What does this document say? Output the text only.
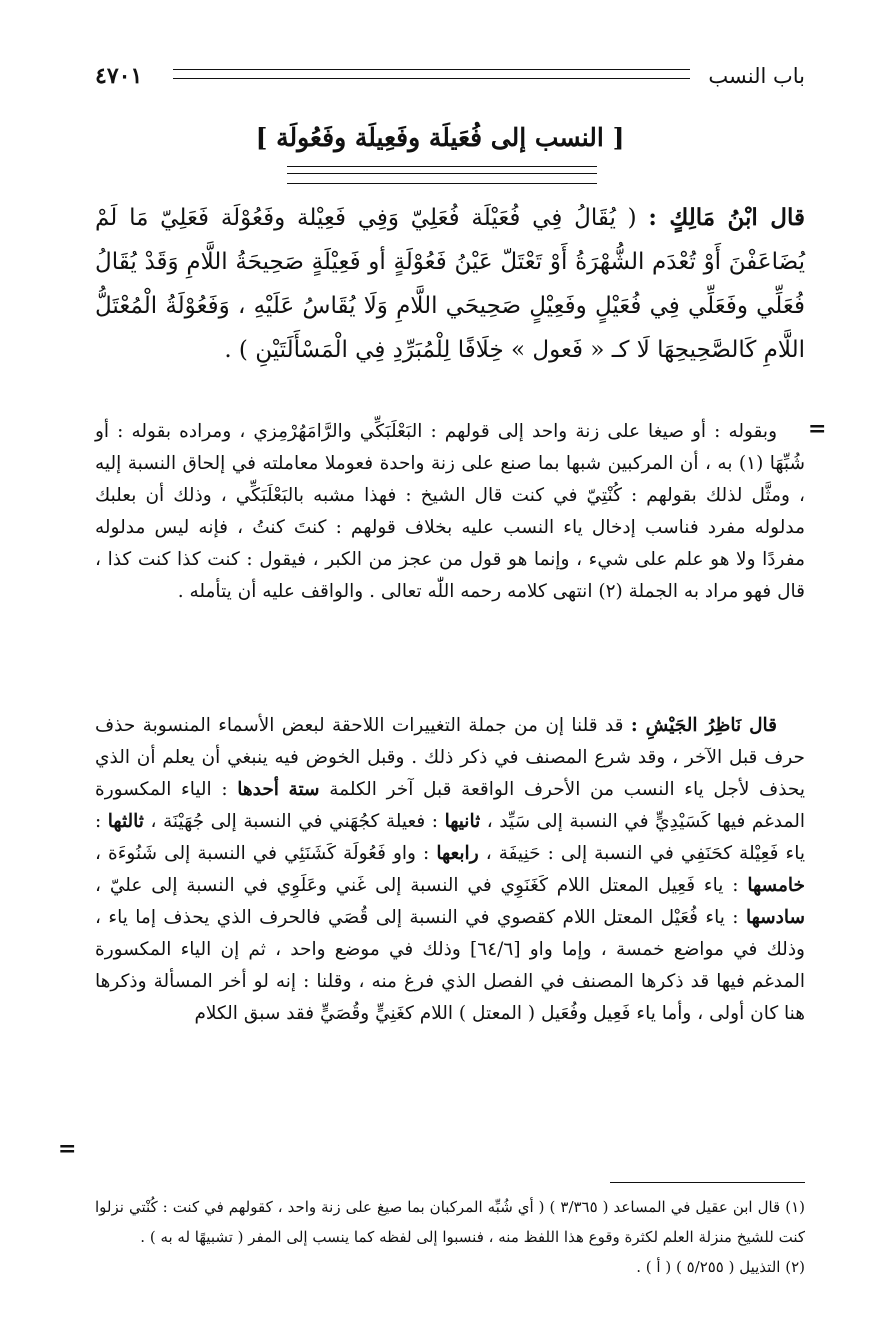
باب النسب
٤٧٠١
[ النسب إلى فُعَيلَة وفَعِيلَة وفَعُولَة ]
قال ابْنُ مَالِكٍ : ( يُقَالُ فِي فُعَيْلَة فُعَلِيّ وَفِي فَعِيْلة وفَعُوْلَة فَعَلِيّ مَا لَمْ يُضَاعَفْنَ أَوْ تُعْدَم الشُّهْرَةُ أَوْ تَعْتَلّ عَيْنُ فَعُوْلَةٍ أو فَعِيْلَةٍ صَحِيحَةُ اللَّامِ وَقَدْ يُقَالُ فُعَلِّي وفَعَلِّي فِي فُعَيْلٍ وفَعِيْلٍ صَحِيحَي اللَّامِ وَلَا يُقَاسُ عَلَيْهِ ، وَفَعُوْلَةُ الْمُعْتَلُّ اللَّامِ كَالصَّحِيحِهَا لَا كـ « فَعول » خِلَافًا لِلْمُبَرِّدِ فِي الْمَسْأَلَتَيْنِ ) .
=

وبقوله : أو صيغا على زنة واحد إلى قولهم : البَعْلَبَكِّي والرَّامَهُرْمِزي ، ومراده بقوله : أو شُبِّهَا (١) به ، أن المركبين شبها بما صنع على زنة واحدة فعوملا معاملته في إلحاق النسبة إليه ، ومثَّل لذلك بقولهم : كُنْتِيّ في كنت قال الشيخ : فهذا مشبه بالبَعْلَبَكِّي ، وذلك أن بعلبك مدلوله مفرد فناسب إدخال ياء النسب عليه بخلاف قولهم : كنتَ كنتُ ، فإنه ليس مدلوله مفردًا ولا هو علم على شيء ، وإنما هو قول من عجز من الكبر ، فيقول : كنت كذا كنت كذا ، قال فهو مراد به الجملة (٢) انتهى كلامه رحمه اللّٰه تعالى . والواقف عليه أن يتأمله .

قال نَاظِرُ الجَيْشِ : قد قلنا إن من جملة التغييرات اللاحقة لبعض الأسماء المنسوبة حذف حرف قبل الآخر ، وقد شرع المصنف في ذكر ذلك . وقبل الخوض فيه ينبغي أن يعلم أن الذي يحذف لأجل ياء النسب من الأحرف الواقعة قبل آخر الكلمة ستة أحدها : الياء المكسورة المدغم فيها كَسَيْدِيٍّ في النسبة إلى سَيِّد ، ثانيها : فعيلة كجُهَني في النسبة إلى جُهَيْنَة ، ثالثها : ياء فَعِيْلة كحَنَفِي في النسبة إلى : حَنِيفَة ، رابعها : واو فَعُولَة كَشَنَئِي في النسبة إلى شَنُوءَة ، خامسها : ياء فَعِيل المعتل اللام كَغَنَوِي في النسبة إلى غَني وعَلَوِي في النسبة إلى عليّ ، سادسها : ياء فُعَيْل المعتل اللام كقصوي في النسبة إلى قُصَي فالحرف الذي يحذف إما ياء ، وذلك في مواضع خمسة ، وإما واو [٦٤/٦] وذلك في موضع واحد ، ثم إن الياء المكسورة المدغم فيها قد ذكرها المصنف في الفصل الذي فرغ منه ، وقلنا : إنه لو أخر المسألة وذكرها هنا كان أولى ، وأما ياء فَعِيل وفُعَيل ( المعتل ) اللام كغَنِيٍّ وقُصَيٍّ فقد سبق الكلام

=

(١) قال ابن عقيل في المساعد ( ٣/٣٦٥ ) ( أي شُبِّه المركبان بما صيغ على زنة واحد ، كقولهم في كنت : كُنْتي نزلوا كنت للشيخ منزلة العلم لكثرة وقوع هذا اللفظ منه ، فنسبوا إلى لفظه كما ينسب إلى المفر ( تشبيهًا له به ) .

(٢) التذييل ( ٥/٢٥٥ ) ( أ ) .
